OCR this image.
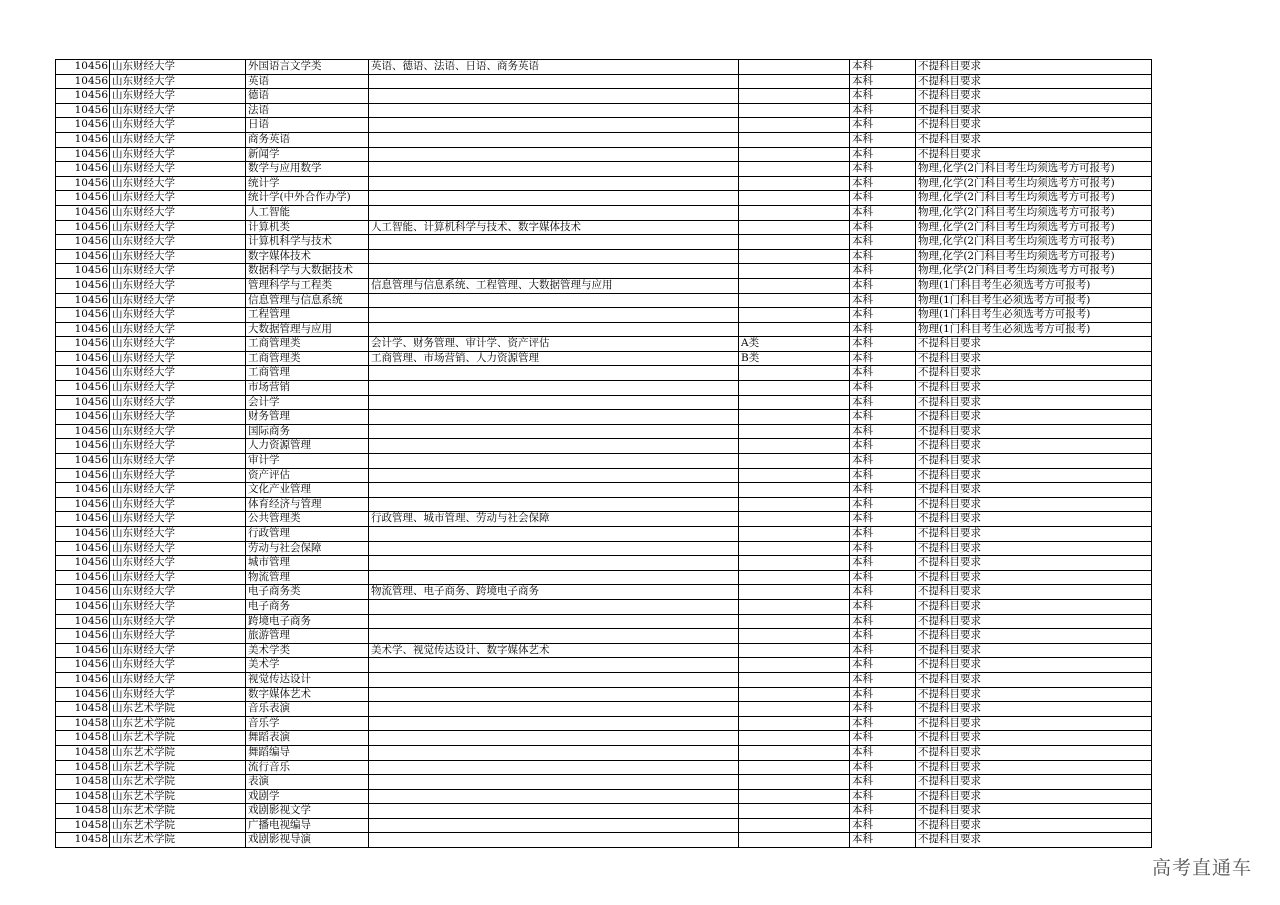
10456	山东财经大学	外国语言文学类	英语、德语、法语、日语、商务英语		本科	不提科目要求
10456	山东财经大学	英语			本科	不提科目要求
10456	山东财经大学	德语			本科	不提科目要求
10456	山东财经大学	法语			本科	不提科目要求
10456	山东财经大学	日语			本科	不提科目要求
10456	山东财经大学	商务英语			本科	不提科目要求
10456	山东财经大学	新闻学			本科	不提科目要求
10456	山东财经大学	数学与应用数学			本科	物理,化学(2门科目考生均须选考方可报考)
10456	山东财经大学	统计学			本科	物理,化学(2门科目考生均须选考方可报考)
10456	山东财经大学	统计学(中外合作办学)			本科	物理,化学(2门科目考生均须选考方可报考)
10456	山东财经大学	人工智能			本科	物理,化学(2门科目考生均须选考方可报考)
10456	山东财经大学	计算机类	人工智能、计算机科学与技术、数字媒体技术		本科	物理,化学(2门科目考生均须选考方可报考)
10456	山东财经大学	计算机科学与技术			本科	物理,化学(2门科目考生均须选考方可报考)
10456	山东财经大学	数字媒体技术			本科	物理,化学(2门科目考生均须选考方可报考)
10456	山东财经大学	数据科学与大数据技术			本科	物理,化学(2门科目考生均须选考方可报考)
10456	山东财经大学	管理科学与工程类	信息管理与信息系统、工程管理、大数据管理与应用		本科	物理(1门科目考生必须选考方可报考)
10456	山东财经大学	信息管理与信息系统			本科	物理(1门科目考生必须选考方可报考)
10456	山东财经大学	工程管理			本科	物理(1门科目考生必须选考方可报考)
10456	山东财经大学	大数据管理与应用			本科	物理(1门科目考生必须选考方可报考)
10456	山东财经大学	工商管理类	会计学、财务管理、审计学、资产评估	A类	本科	不提科目要求
10456	山东财经大学	工商管理类	工商管理、市场营销、人力资源管理	B类	本科	不提科目要求
10456	山东财经大学	工商管理			本科	不提科目要求
10456	山东财经大学	市场营销			本科	不提科目要求
10456	山东财经大学	会计学			本科	不提科目要求
10456	山东财经大学	财务管理			本科	不提科目要求
10456	山东财经大学	国际商务			本科	不提科目要求
10456	山东财经大学	人力资源管理			本科	不提科目要求
10456	山东财经大学	审计学			本科	不提科目要求
10456	山东财经大学	资产评估			本科	不提科目要求
10456	山东财经大学	文化产业管理			本科	不提科目要求
10456	山东财经大学	体育经济与管理			本科	不提科目要求
10456	山东财经大学	公共管理类	行政管理、城市管理、劳动与社会保障		本科	不提科目要求
10456	山东财经大学	行政管理			本科	不提科目要求
10456	山东财经大学	劳动与社会保障			本科	不提科目要求
10456	山东财经大学	城市管理			本科	不提科目要求
10456	山东财经大学	物流管理			本科	不提科目要求
10456	山东财经大学	电子商务类	物流管理、电子商务、跨境电子商务		本科	不提科目要求
10456	山东财经大学	电子商务			本科	不提科目要求
10456	山东财经大学	跨境电子商务			本科	不提科目要求
10456	山东财经大学	旅游管理			本科	不提科目要求
10456	山东财经大学	美术学类	美术学、视觉传达设计、数字媒体艺术		本科	不提科目要求
10456	山东财经大学	美术学			本科	不提科目要求
10456	山东财经大学	视觉传达设计			本科	不提科目要求
10456	山东财经大学	数字媒体艺术			本科	不提科目要求
10458	山东艺术学院	音乐表演			本科	不提科目要求
10458	山东艺术学院	音乐学			本科	不提科目要求
10458	山东艺术学院	舞蹈表演			本科	不提科目要求
10458	山东艺术学院	舞蹈编导			本科	不提科目要求
10458	山东艺术学院	流行音乐			本科	不提科目要求
10458	山东艺术学院	表演			本科	不提科目要求
10458	山东艺术学院	戏剧学			本科	不提科目要求
10458	山东艺术学院	戏剧影视文学			本科	不提科目要求
10458	山东艺术学院	广播电视编导			本科	不提科目要求
10458	山东艺术学院	戏剧影视导演			本科	不提科目要求
高考直通车
